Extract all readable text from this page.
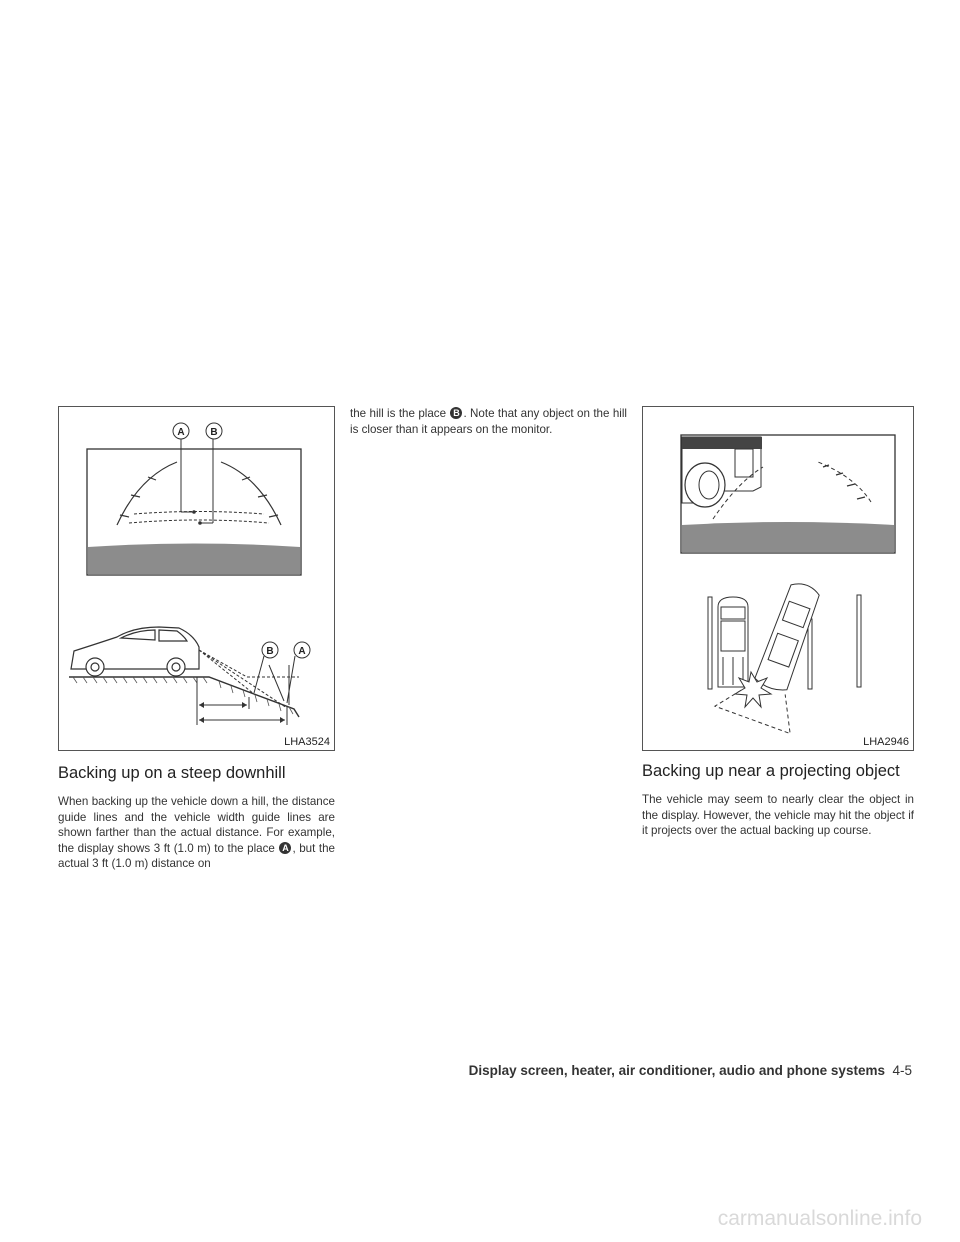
A	B
B A
LHA3524	LHA2946
Backing up on a steep downhill

When backing up the vehicle down a hill, the distance guide lines and the vehicle width guide lines are shown farther than the actual distance. For example, the display shows 3 ft (1.0 m) to the place A , but the actual 3 ft (1.0 m) distance on

the hill is the place B . Note that any object on the hill is closer than it appears on the monitor.

Backing up near a projecting object

The vehicle may seem to nearly clear the object in the display. However, the vehicle may hit the object if it projects over the actual backing up course.

Display screen, heater, air conditioner, audio and phone systems 4-5
carmanualsonline.info
